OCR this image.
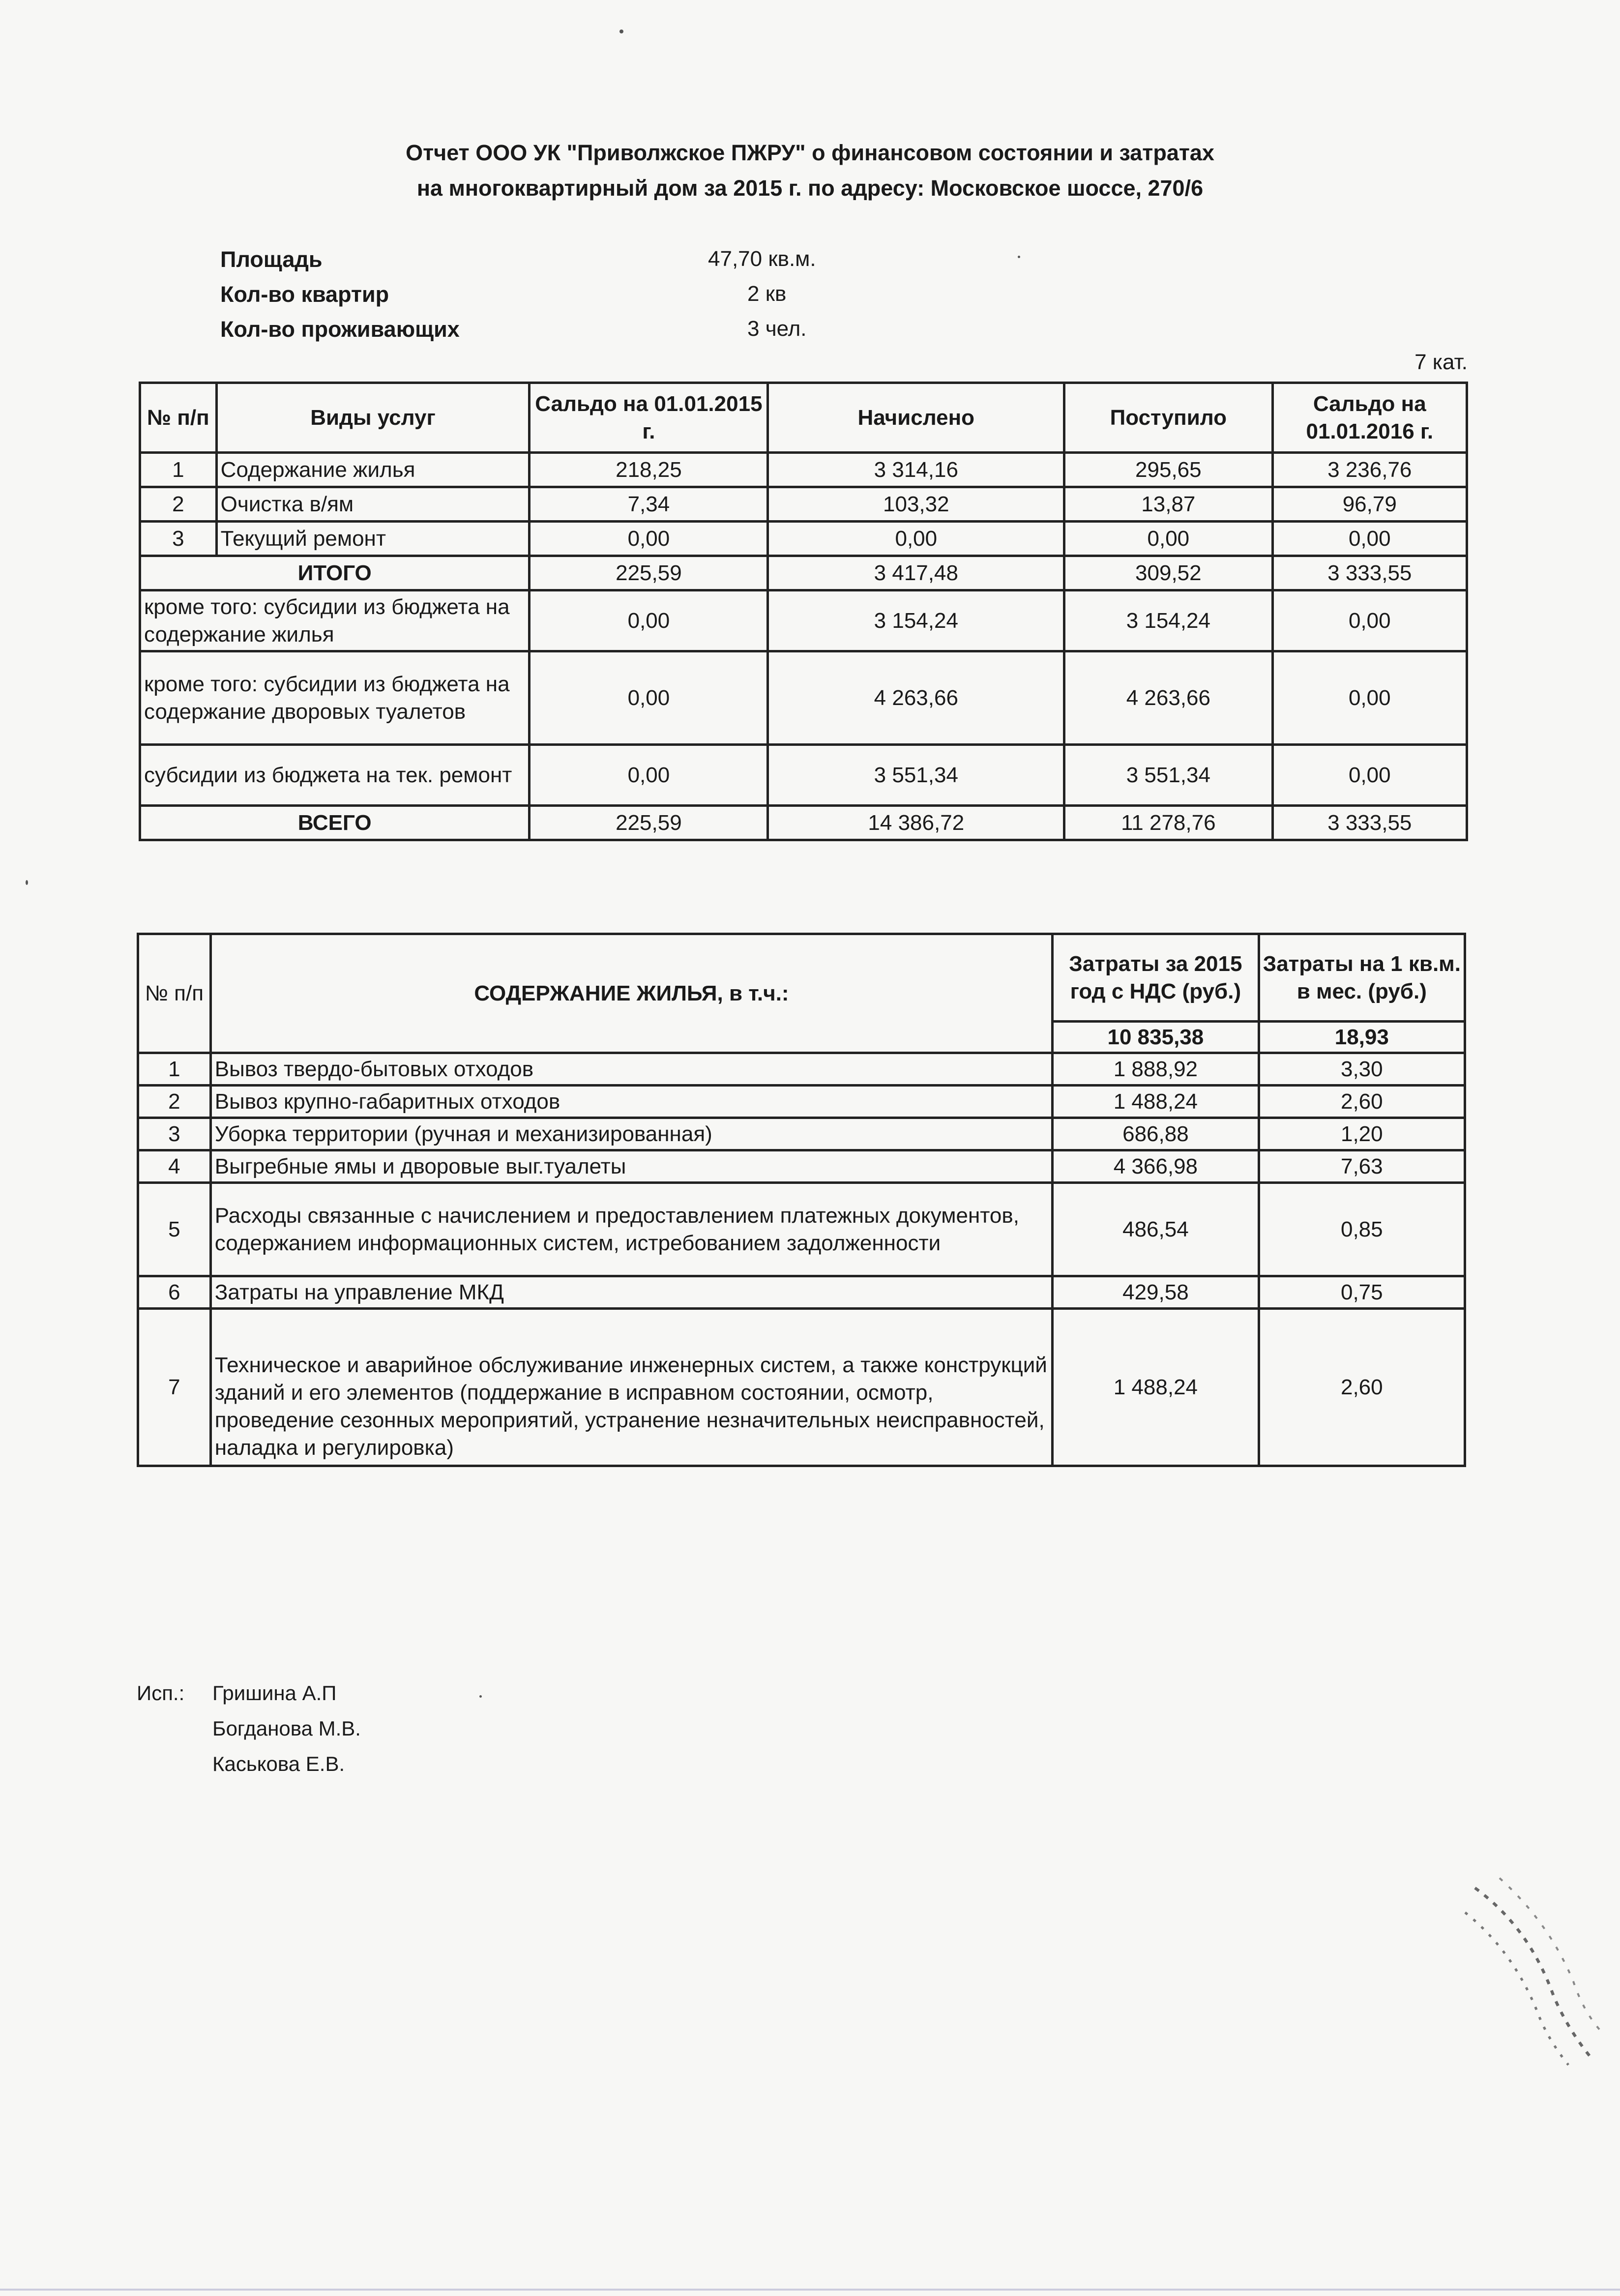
Отчет ООО УК "Приволжское ПЖРУ" о финансовом состоянии и затратах
на многоквартирный дом за 2015 г. по адресу: Московское шоссе, 270/6
Площадь	47,70 кв.м.
Кол-во квартир	2 кв
Кол-во проживающих	3 чел.
7 кат.
№ п/п	Виды услуг	Сальдо на 01.01.2015 г.	Начислено	Поступило	Сальдо на 01.01.2016 г.
1	Содержание жилья	218,25	3 314,16	295,65	3 236,76
2	Очистка в/ям	7,34	103,32	13,87	96,79
3	Текущий ремонт	0,00	0,00	0,00	0,00
ИТОГО		225,59	3 417,48	309,52	3 333,55
кроме того: субсидии из бюджета на содержание жилья		0,00	3 154,24	3 154,24	0,00
кроме того: субсидии из бюджета на содержание дворовых туалетов		0,00	4 263,66	4 263,66	0,00
субсидии из бюджета на тек. ремонт		0,00	3 551,34	3 551,34	0,00
ВСЕГО		225,59	14 386,72	11 278,76	3 333,55
№ п/п	СОДЕРЖАНИЕ ЖИЛЬЯ, в т.ч.:	Затраты за 2015 год с НДС (руб.)	Затраты на 1 кв.м. в мес. (руб.)
		10 835,38	18,93
1	Вывоз твердо-бытовых отходов	1 888,92	3,30
2	Вывоз крупно-габаритных отходов	1 488,24	2,60
3	Уборка территории (ручная и механизированная)	686,88	1,20
4	Выгребные ямы и дворовые выг.туалеты	4 366,98	7,63
5	Расходы связанные с начислением и предоставлением платежных документов, содержанием информационных систем, истребованием задолженности	486,54	0,85
6	Затраты на управление МКД	429,58	0,75
7	Техническое и аварийное обслуживание инженерных систем, а также конструкций зданий и его элементов (поддержание в исправном состоянии, осмотр, проведение сезонных мероприятий, устранение незначительных неисправностей, наладка и регулировка)	1 488,24	2,60
Исп.: Гришина А.П
Богданова М.В.
Каськова Е.В.
